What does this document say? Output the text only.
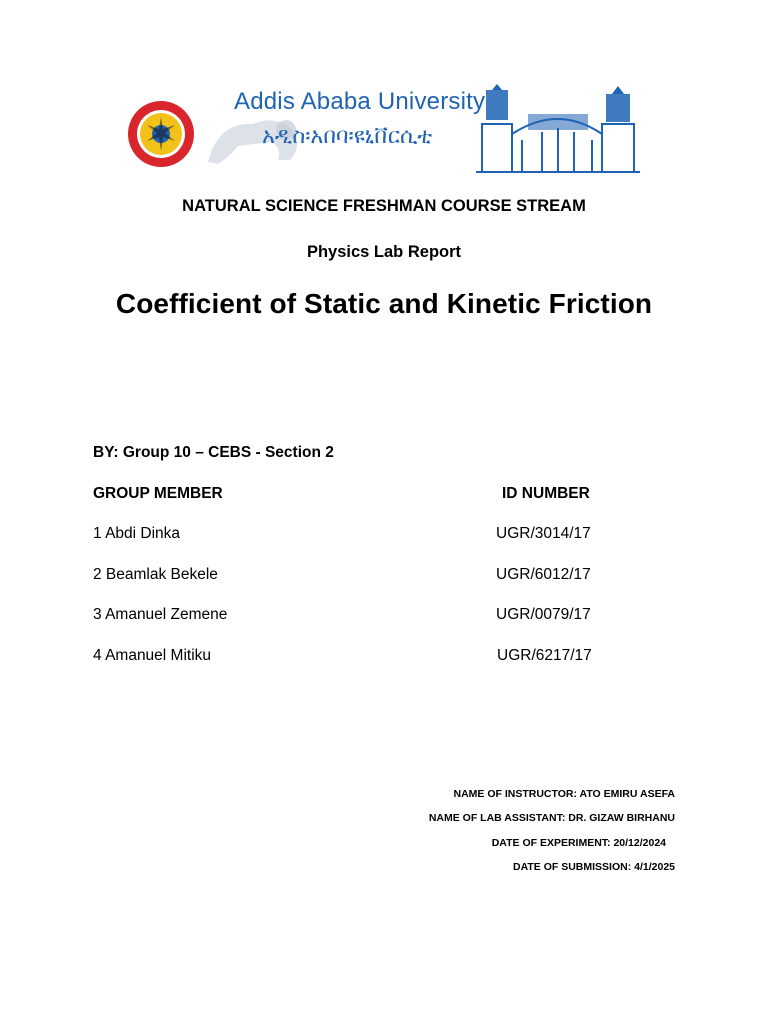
Addis Ababa University
አዲስ፡አበባ፡ዩኒቨርሲቲ
NATURAL SCIENCE FRESHMAN COURSE STREAM
Physics Lab Report
Coefficient of Static and Kinetic Friction
BY: Group 10 – CEBS - Section 2
GROUP MEMBER	ID NUMBER
1 Abdi Dinka	UGR/3014/17
2 Beamlak Bekele	UGR/6012/17
3 Amanuel Zemene	UGR/0079/17
4 Amanuel Mitiku	UGR/6217/17
NAME OF INSTRUCTOR: ATO EMIRU ASEFA
NAME OF LAB ASSISTANT: DR. GIZAW BIRHANU
DATE OF EXPERIMENT: 20/12/2024
DATE OF SUBMISSION: 4/1/2025
